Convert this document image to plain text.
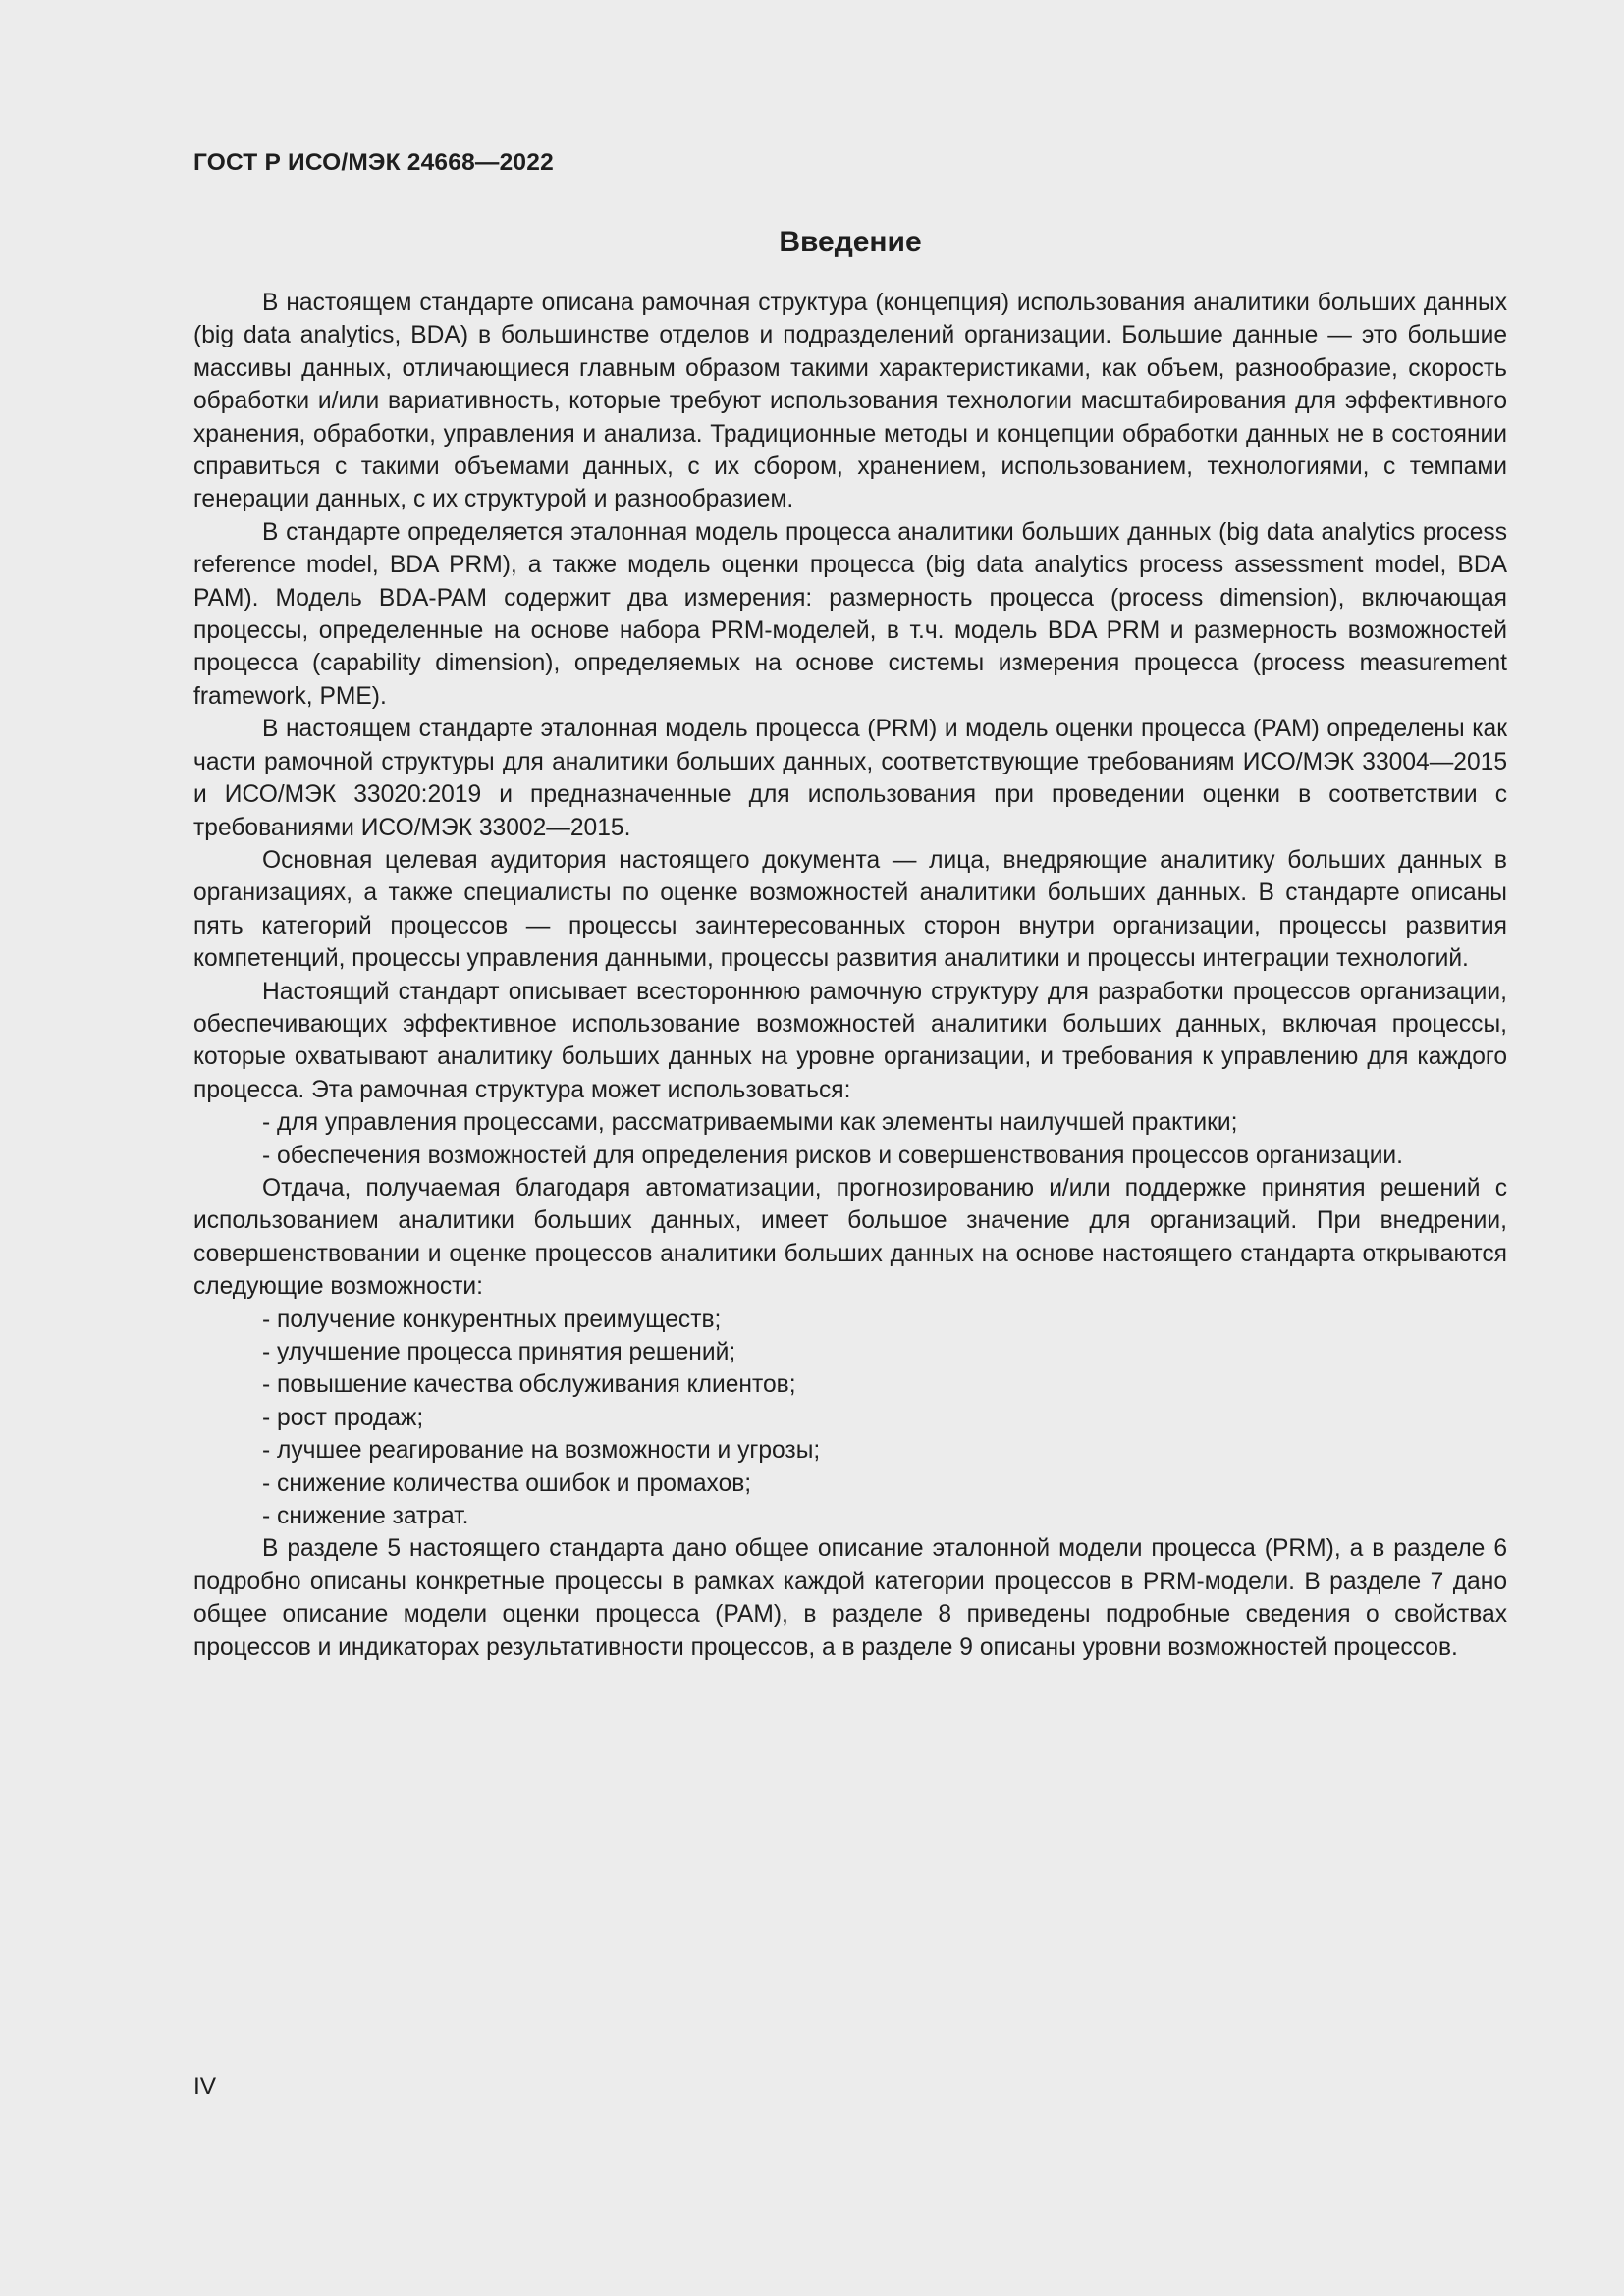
ГОСТ Р ИСО/МЭК 24668—2022
Введение

В настоящем стандарте описана рамочная структура (концепция) использования аналитики больших данных (big data analytics, BDA) в большинстве отделов и подразделений организации. Большие данные — это большие массивы данных, отличающиеся главным образом такими характеристиками, как объем, разнообразие, скорость обработки и/или вариативность, которые требуют использования технологии масштабирования для эффективного хранения, обработки, управления и анализа. Традиционные методы и концепции обработки данных не в состоянии справиться с такими объемами данных, с их сбором, хранением, использованием, технологиями, с темпами генерации данных, с их структурой и разнообразием.

В стандарте определяется эталонная модель процесса аналитики больших данных (big data analytics process reference model, BDA PRM), а также модель оценки процесса (big data analytics process assessment model, BDA PAM). Модель BDA-PAM содержит два измерения: размерность процесса (process dimension), включающая процессы, определенные на основе набора PRM-моделей, в т.ч. модель BDA PRM и размерность возможностей процесса (capability dimension), определяемых на основе системы измерения процесса (process measurement framework, PME).

В настоящем стандарте эталонная модель процесса (PRM) и модель оценки процесса (PAM) определены как части рамочной структуры для аналитики больших данных, соответствующие требованиям ИСО/МЭК 33004—2015 и ИСО/МЭК 33020:2019 и предназначенные для использования при проведении оценки в соответствии с требованиями ИСО/МЭК 33002—2015.

Основная целевая аудитория настоящего документа — лица, внедряющие аналитику больших данных в организациях, а также специалисты по оценке возможностей аналитики больших данных. В стандарте описаны пять категорий процессов — процессы заинтересованных сторон внутри организации, процессы развития компетенций, процессы управления данными, процессы развития аналитики и процессы интеграции технологий.

Настоящий стандарт описывает всестороннюю рамочную структуру для разработки процессов организации, обеспечивающих эффективное использование возможностей аналитики больших данных, включая процессы, которые охватывают аналитику больших данных на уровне организации, и требования к управлению для каждого процесса. Эта рамочная структура может использоваться:

- для управления процессами, рассматриваемыми как элементы наилучшей практики;
- обеспечения возможностей для определения рисков и совершенствования процессов организации.

Отдача, получаемая благодаря автоматизации, прогнозированию и/или поддержке принятия решений с использованием аналитики больших данных, имеет большое значение для организаций. При внедрении, совершенствовании и оценке процессов аналитики больших данных на основе настоящего стандарта открываются следующие возможности:

- получение конкурентных преимуществ;
- улучшение процесса принятия решений;
- повышение качества обслуживания клиентов;
- рост продаж;
- лучшее реагирование на возможности и угрозы;
- снижение количества ошибок и промахов;
- снижение затрат.

В разделе 5 настоящего стандарта дано общее описание эталонной модели процесса (PRM), а в разделе 6 подробно описаны конкретные процессы в рамках каждой категории процессов в PRM-модели. В разделе 7 дано общее описание модели оценки процесса (PAM), в разделе 8 приведены подробные сведения о свойствах процессов и индикаторах результативности процессов, а в разделе 9 описаны уровни возможностей процессов.

IV
